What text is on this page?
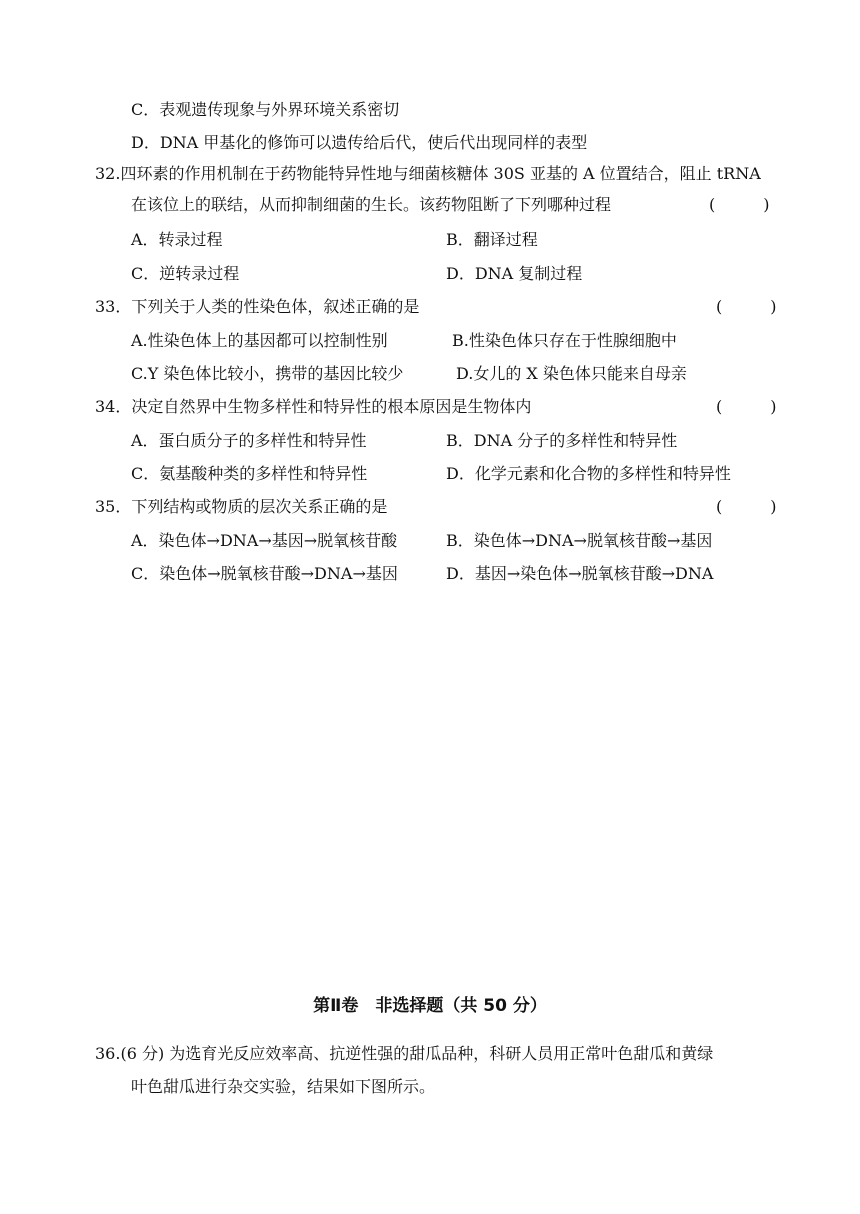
C．表观遗传现象与外界环境关系密切
D．DNA 甲基化的修饰可以遗传给后代，使后代出现同样的表型
32.四环素的作用机制在于药物能特异性地与细菌核糖体 30S 亚基的 A 位置结合，阻止 tRNA
在该位上的联结，从而抑制细菌的生长。该药物阻断了下列哪种过程	(　　　)
A．转录过程	B．翻译过程
C．逆转录过程	D．DNA 复制过程
33．下列关于人类的性染色体，叙述正确的是	(　　　)
A.性染色体上的基因都可以控制性别	B.性染色体只存在于性腺细胞中
C.Y 染色体比较小，携带的基因比较少	D.女儿的 X 染色体只能来自母亲
34．决定自然界中生物多样性和特异性的根本原因是生物体内	(　　　)
A．蛋白质分子的多样性和特异性	B．DNA 分子的多样性和特异性
C．氨基酸种类的多样性和特异性	D．化学元素和化合物的多样性和特异性
35．下列结构或物质的层次关系正确的是	(　　　)
A．染色体→DNA→基因→脱氧核苷酸	B．染色体→DNA→脱氧核苷酸→基因
C．染色体→脱氧核苷酸→DNA→基因	D．基因→染色体→脱氧核苷酸→DNA
第Ⅱ卷　非选择题（共 50 分）
36.(6 分) 为选育光反应效率高、抗逆性强的甜瓜品种，科研人员用正常叶色甜瓜和黄绿
叶色甜瓜进行杂交实验，结果如下图所示。
